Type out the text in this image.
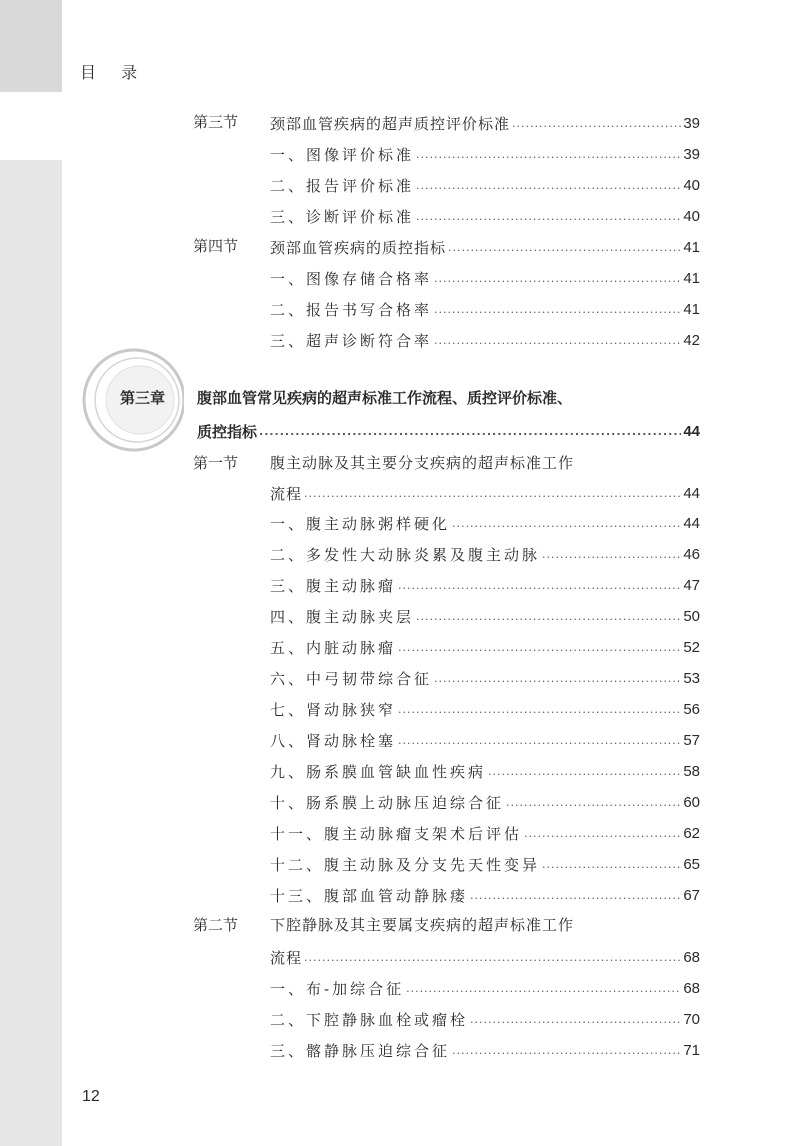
目 录
第三节 颈部血管疾病的超声质控评价标准 .....	39
一、图像评价标准 .....	39
二、报告评价标准 .....	40
三、诊断评价标准 .....	40
第四节 颈部血管疾病的质控指标 .....	41
一、图像存储合格率 .....	41
二、报告书写合格率 .....	41
三、超声诊断符合率 .....	42
第三章 腹部血管常见疾病的超声标准工作流程、质控评价标准、
质控指标 .....	44
第一节 腹主动脉及其主要分支疾病的超声标准工作
流程 .....	44
一、腹主动脉粥样硬化 .....	44
二、多发性大动脉炎累及腹主动脉 .....	46
三、腹主动脉瘤 .....	47
四、腹主动脉夹层 .....	50
五、内脏动脉瘤 .....	52
六、中弓韧带综合征 .....	53
七、肾动脉狭窄 .....	56
八、肾动脉栓塞 .....	57
九、肠系膜血管缺血性疾病 .....	58
十、肠系膜上动脉压迫综合征 .....	60
十一、腹主动脉瘤支架术后评估 .....	62
十二、腹主动脉及分支先天性变异 .....	65
十三、腹部血管动静脉瘘 .....	67
第二节 下腔静脉及其主要属支疾病的超声标准工作
流程 .....	68
一、布-加综合征 .....	68
二、下腔静脉血栓或瘤栓 .....	70
三、髂静脉压迫综合征 .....	71
12
